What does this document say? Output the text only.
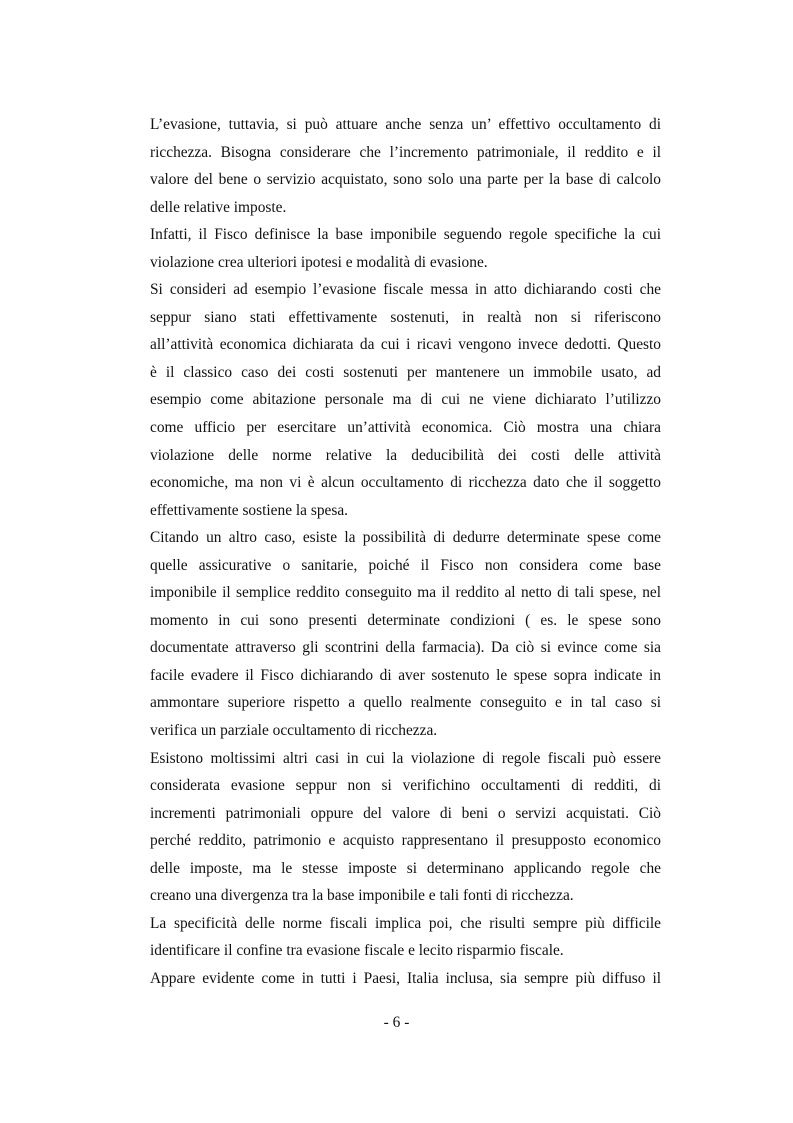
L’evasione, tuttavia, si può attuare anche senza un’ effettivo occultamento di
ricchezza. Bisogna considerare che l’incremento patrimoniale, il reddito e il
valore del bene o servizio acquistato, sono solo una parte per la base di calcolo
delle relative imposte.
Infatti, il Fisco definisce la base imponibile seguendo regole specifiche la cui
violazione crea ulteriori ipotesi e modalità di evasione.
Si consideri ad esempio l’evasione fiscale messa in atto dichiarando costi che
seppur siano stati effettivamente sostenuti, in realtà non si riferiscono
all’attività economica dichiarata da cui i ricavi vengono invece dedotti. Questo
è il classico caso dei costi sostenuti per mantenere un immobile usato, ad
esempio come abitazione personale ma di cui ne viene dichiarato l’utilizzo
come ufficio per esercitare un’attività economica. Ciò mostra una chiara
violazione delle norme relative la deducibilità dei costi delle attività
economiche, ma non vi è alcun occultamento di ricchezza dato che il soggetto
effettivamente sostiene la spesa.
Citando un altro caso, esiste la possibilità di dedurre determinate spese come
quelle assicurative o sanitarie, poiché il Fisco non considera come base
imponibile il semplice reddito conseguito ma il reddito al netto di tali spese, nel
momento in cui sono presenti determinate condizioni ( es. le spese sono
documentate attraverso gli scontrini della farmacia). Da ciò si evince come sia
facile evadere il Fisco dichiarando di aver sostenuto le spese sopra indicate in
ammontare superiore rispetto a quello realmente conseguito e in tal caso si
verifica un parziale occultamento di ricchezza.
Esistono moltissimi altri casi in cui la violazione di regole fiscali può essere
considerata evasione seppur non si verifichino occultamenti di redditi, di
incrementi patrimoniali oppure del valore di beni o servizi acquistati. Ciò
perché reddito, patrimonio e acquisto rappresentano il presupposto economico
delle imposte, ma le stesse imposte si determinano applicando regole che
creano una divergenza tra la base imponibile e tali fonti di ricchezza.
La specificità delle norme fiscali implica poi, che risulti sempre più difficile
identificare il confine tra evasione fiscale e lecito risparmio fiscale.
Appare evidente come in tutti i Paesi, Italia inclusa, sia sempre più diffuso il
- 6 -
